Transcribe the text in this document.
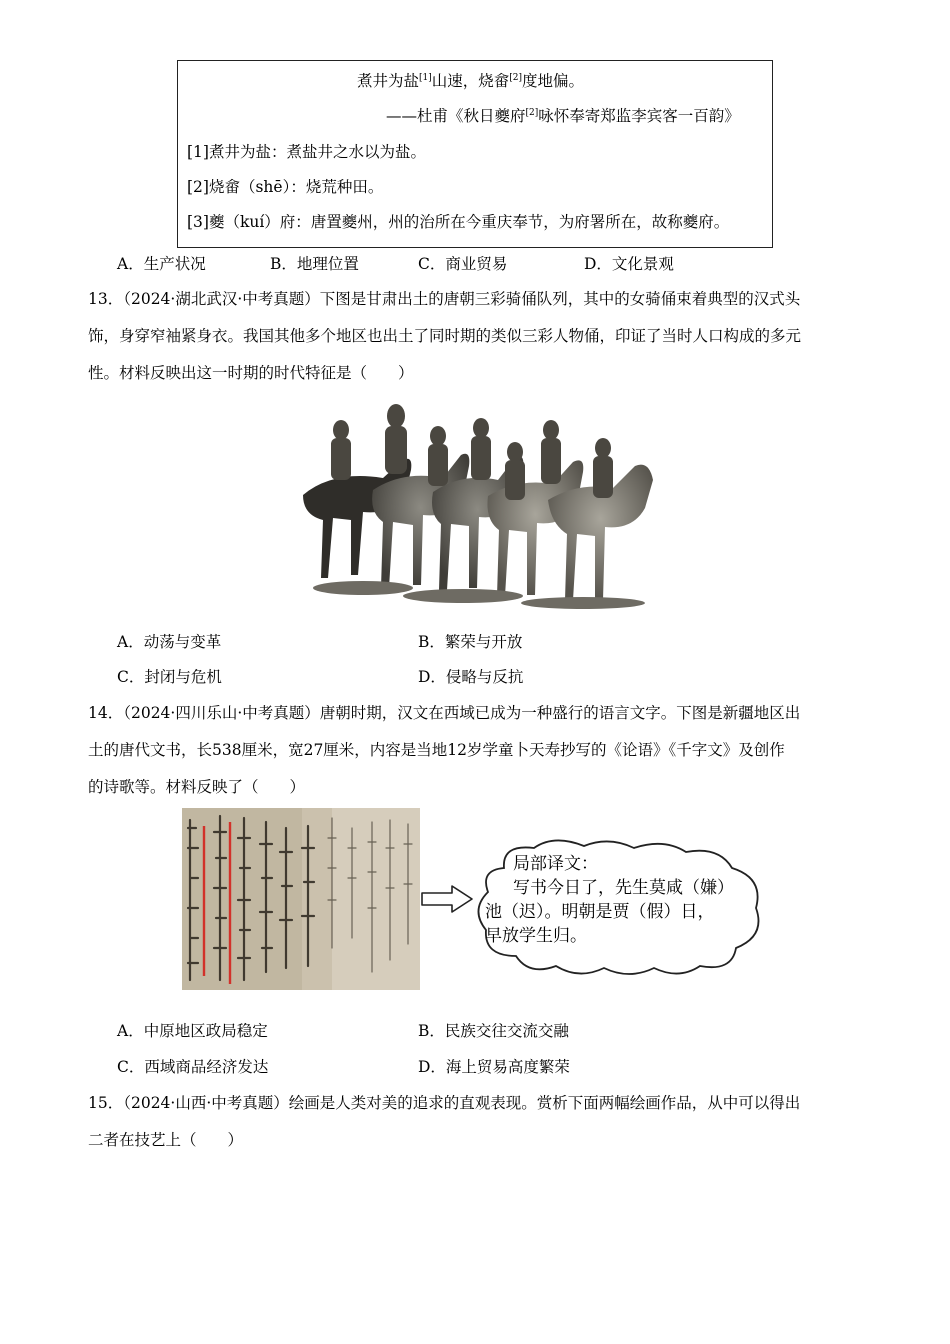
煮井为盐[1]山速，烧畲[2]度地偏。
——杜甫《秋日夔府[2]咏怀奉寄郑监李宾客一百韵》
[1]煮井为盐：煮盐井之水以为盐。
[2]烧畲（shē）：烧荒种田。
[3]夔（kuí）府：唐置夔州，州的治所在今重庆奉节，为府署所在，故称夔府。
A．生产状况	B．地理位置	C．商业贸易	D．文化景观
13．（2024·湖北武汉·中考真题）下图是甘肃出土的唐朝三彩骑俑队列，其中的女骑俑束着典型的汉式头
饰，身穿窄袖紧身衣。我国其他多个地区也出土了同时期的类似三彩人物俑，印证了当时人口构成的多元
性。材料反映出这一时期的时代特征是（　　）
A．动荡与变革	B．繁荣与开放
C．封闭与危机	D．侵略与反抗
14．（2024·四川乐山·中考真题）唐朝时期，汉文在西域已成为一种盛行的语言文字。下图是新疆地区出
土的唐代文书，长538厘米，宽27厘米，内容是当地12岁学童卜天寿抄写的《论语》《千字文》及创作
的诗歌等。材料反映了（　　）
局部译文：
写书今日了，先生莫咸（嫌）
池（迟）。明朝是贾（假）日，
早放学生归。
A．中原地区政局稳定	B．民族交往交流交融
C．西域商品经济发达	D．海上贸易高度繁荣
15．（2024·山西·中考真题）绘画是人类对美的追求的直观表现。赏析下面两幅绘画作品，从中可以得出
二者在技艺上（　　）
